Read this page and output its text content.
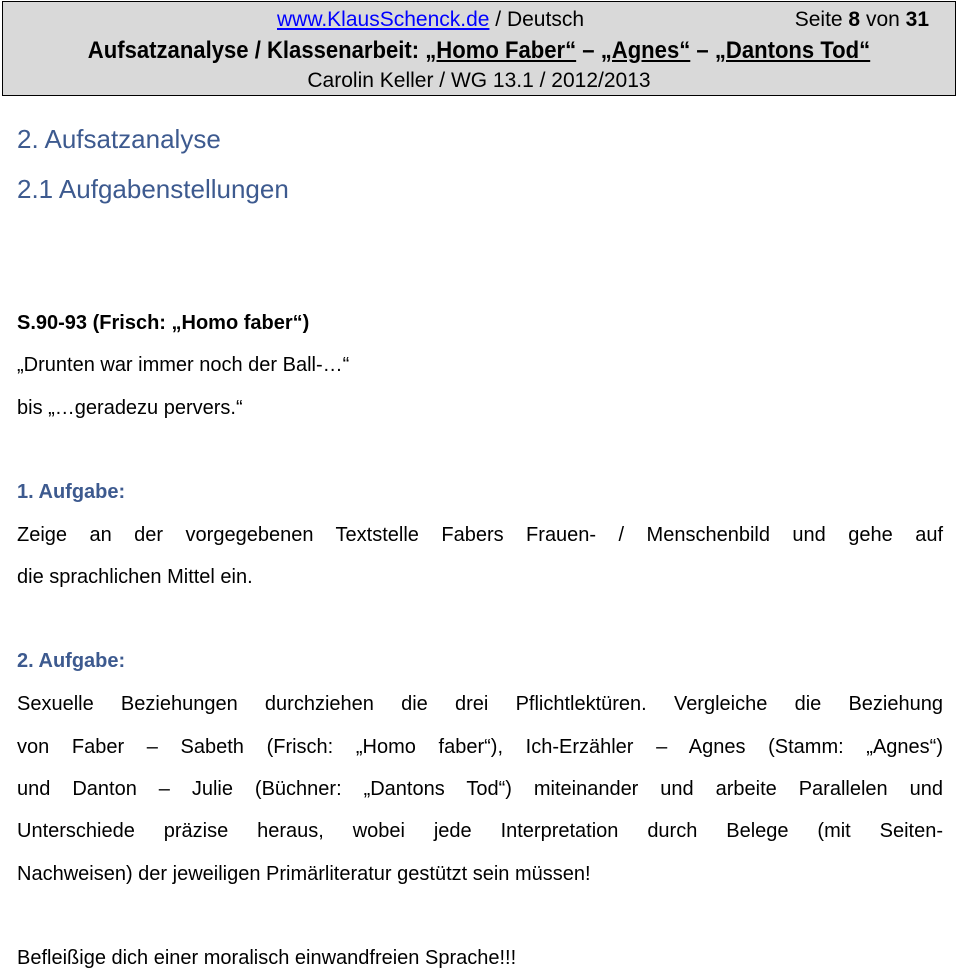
www.KlausSchenck.de / Deutsch	Seite 8 von 31
Aufsatzanalyse / Klassenarbeit: „Homo Faber“ – „Agnes“ – „Dantons Tod“
Carolin Keller / WG 13.1 / 2012/2013
2. Aufsatzanalyse
2.1 Aufgabenstellungen
S.90-93 (Frisch: „Homo faber“)
„Drunten war immer noch der Ball-…“
bis „…geradezu pervers.“
1. Aufgabe:
Zeige an der vorgegebenen Textstelle Fabers Frauen- / Menschenbild und gehe auf
die sprachlichen Mittel ein.
2. Aufgabe:
Sexuelle Beziehungen durchziehen die drei Pflichtlektüren. Vergleiche die Beziehung
von Faber – Sabeth (Frisch: „Homo faber“), Ich-Erzähler – Agnes (Stamm: „Agnes“)
und Danton – Julie (Büchner: „Dantons Tod“) miteinander und arbeite Parallelen und
Unterschiede präzise heraus, wobei jede Interpretation durch Belege (mit Seiten-
Nachweisen) der jeweiligen Primärliteratur gestützt sein müssen!
Befleißige dich einer moralisch einwandfreien Sprache!!!
